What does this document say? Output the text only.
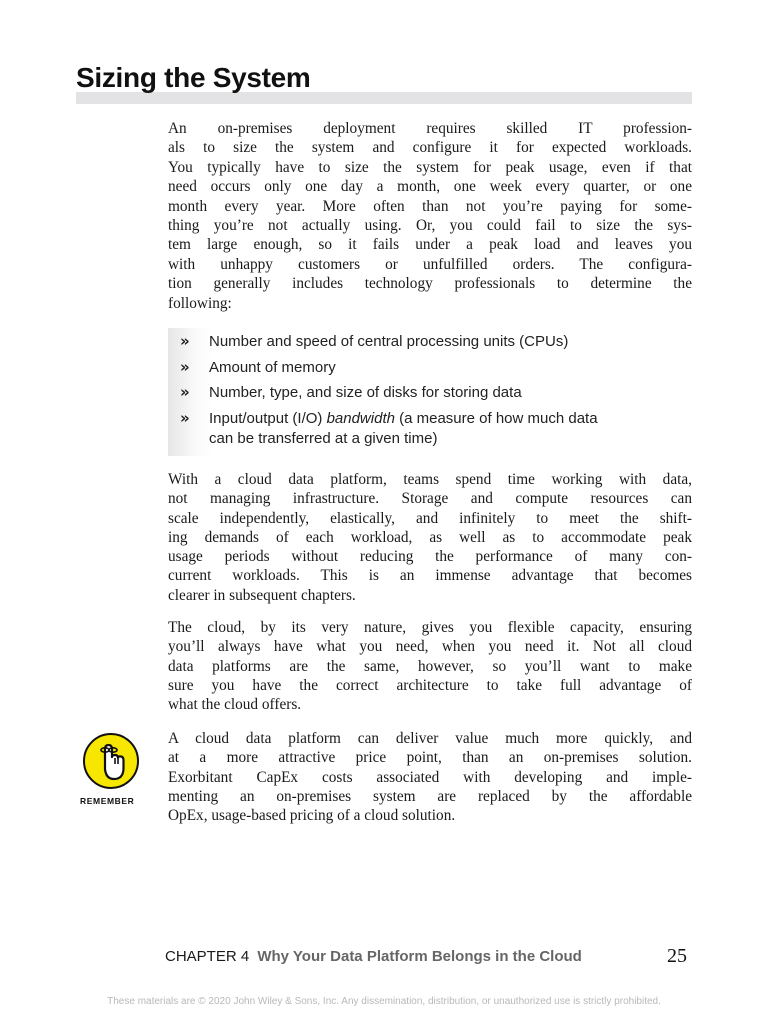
Sizing the System
An on-premises deployment requires skilled IT profession-
als to size the system and configure it for expected workloads.
You typically have to size the system for peak usage, even if that
need occurs only one day a month, one week every quarter, or one
month every year. More often than not you’re paying for some-
thing you’re not actually using. Or, you could fail to size the sys-
tem large enough, so it fails under a peak load and leaves you
with unhappy customers or unfulfilled orders. The configura-
tion generally includes technology professionals to determine the
following:
» Number and speed of central processing units (CPUs)
» Amount of memory
» Number, type, and size of disks for storing data
» Input/output (I/O) bandwidth (a measure of how much data
can be transferred at a given time)
With a cloud data platform, teams spend time working with data,
not managing infrastructure. Storage and compute resources can
scale independently, elastically, and infinitely to meet the shift-
ing demands of each workload, as well as to accommodate peak
usage periods without reducing the performance of many con-
current workloads. This is an immense advantage that becomes
clearer in subsequent chapters.
The cloud, by its very nature, gives you flexible capacity, ensuring
you’ll always have what you need, when you need it. Not all cloud
data platforms are the same, however, so you’ll want to make
sure you have the correct architecture to take full advantage of
what the cloud offers.
REMEMBER
A cloud data platform can deliver value much more quickly, and
at a more attractive price point, than an on-premises solution.
Exorbitant CapEx costs associated with developing and imple-
menting an on-premises system are replaced by the affordable
OpEx, usage-based pricing of a cloud solution.
CHAPTER 4 Why Your Data Platform Belongs in the Cloud	25
These materials are © 2020 John Wiley & Sons, Inc. Any dissemination, distribution, or unauthorized use is strictly prohibited.
